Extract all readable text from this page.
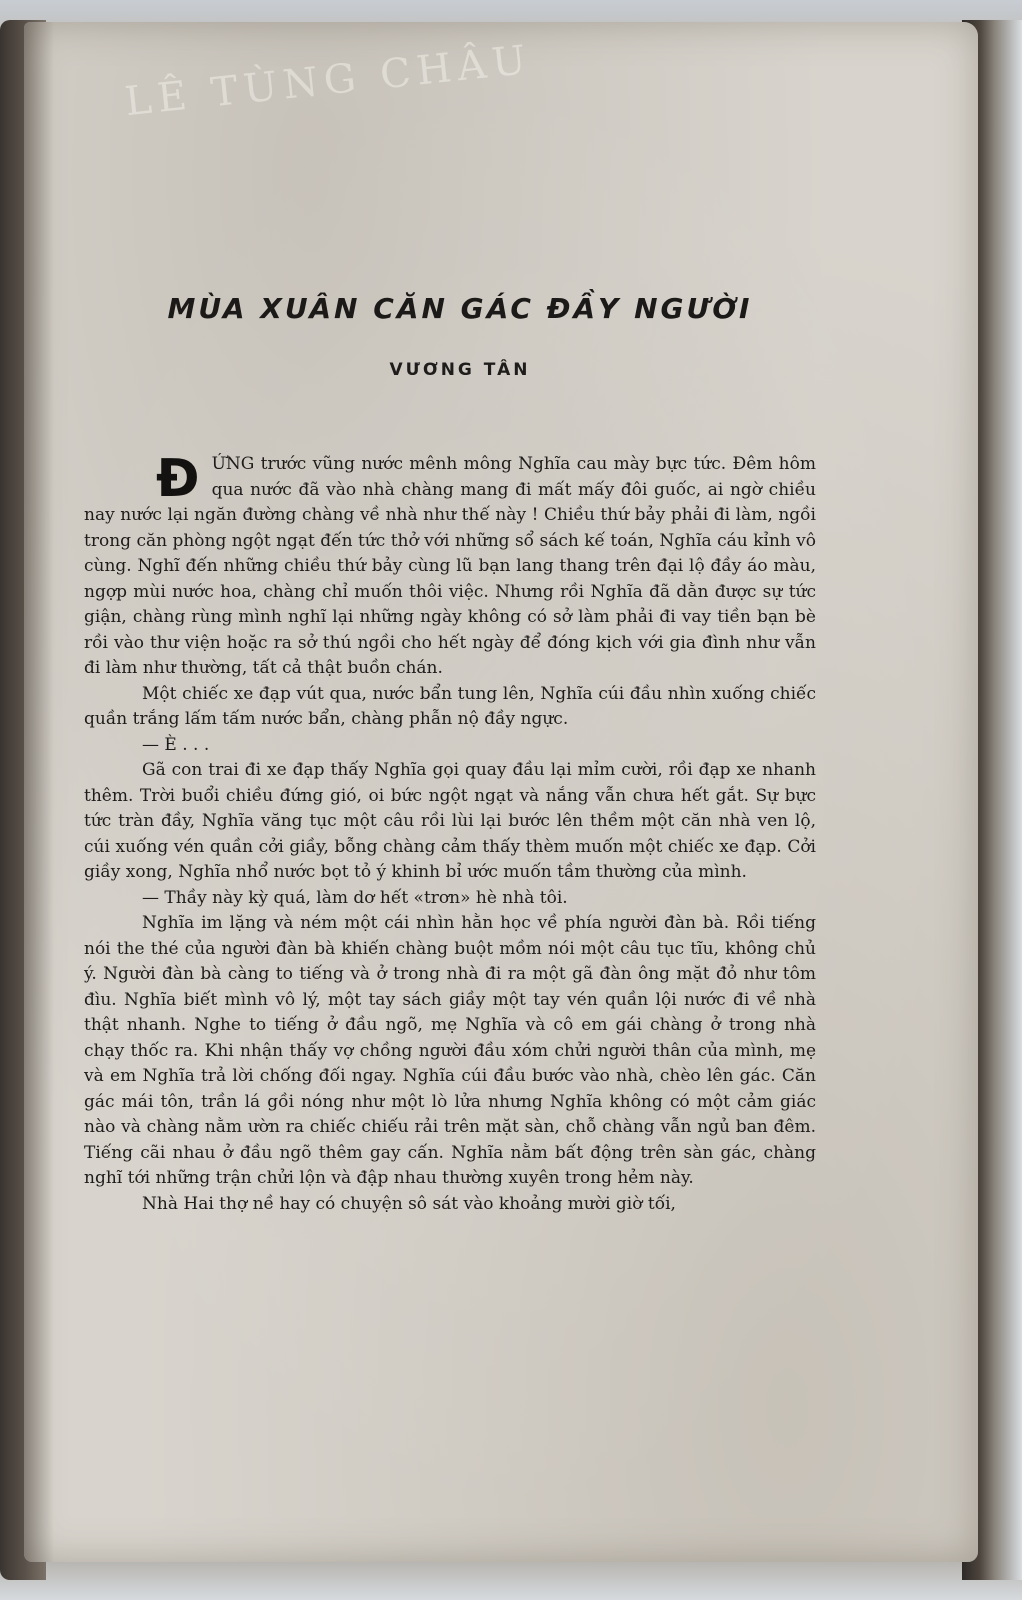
LÊ TÙNG CHÂU
MÙA XUÂN CĂN GÁC ĐẦY NGƯỜI
VƯƠNG TÂN

ĐỨNG trước vũng nước mênh mông Nghĩa cau mày bực tức. Đêm hôm qua nước đã vào nhà chàng mang đi mất mấy đôi guốc, ai ngờ chiều nay nước lại ngăn đường chàng về nhà như thế này ! Chiều thứ bảy phải đi làm, ngồi trong căn phòng ngột ngạt đến tức thở với những sổ sách kế toán, Nghĩa cáu kỉnh vô cùng. Nghĩ đến những chiều thứ bảy cùng lũ bạn lang thang trên đại lộ đầy áo màu, ngợp mùi nước hoa, chàng chỉ muốn thôi việc. Nhưng rồi Nghĩa đã dằn được sự tức giận, chàng rùng mình nghĩ lại những ngày không có sở làm phải đi vay tiền bạn bè rồi vào thư viện hoặc ra sở thú ngồi cho hết ngày để đóng kịch với gia đình như vẫn đi làm như thường, tất cả thật buồn chán.

Một chiếc xe đạp vút qua, nước bẩn tung lên, Nghĩa cúi đầu nhìn xuống chiếc quần trắng lấm tấm nước bẩn, chàng phẫn nộ đầy ngực.

— È . . .

Gã con trai đi xe đạp thấy Nghĩa gọi quay đầu lại mỉm cười, rồi đạp xe nhanh thêm. Trời buổi chiều đứng gió, oi bức ngột ngạt và nắng vẫn chưa hết gắt. Sự bực tức tràn đầy, Nghĩa văng tục một câu rồi lùi lại bước lên thềm một căn nhà ven lộ, cúi xuống vén quần cởi giầy, bỗng chàng cảm thấy thèm muốn một chiếc xe đạp. Cởi giầy xong, Nghĩa nhổ nước bọt tỏ ý khinh bỉ ước muốn tầm thường của mình.

— Thầy này kỳ quá, làm dơ hết «trơn» hè nhà tôi.

Nghĩa im lặng và ném một cái nhìn hằn học về phía người đàn bà. Rồi tiếng nói the thé của người đàn bà khiến chàng buột mồm nói một câu tục tĩu, không chủ ý. Người đàn bà càng to tiếng và ở trong nhà đi ra một gã đàn ông mặt đỏ như tôm đìu. Nghĩa biết mình vô lý, một tay sách giầy một tay vén quần lội nước đi về nhà thật nhanh. Nghe to tiếng ở đầu ngõ, mẹ Nghĩa và cô em gái chàng ở trong nhà chạy thốc ra. Khi nhận thấy vợ chồng người đầu xóm chửi người thân của mình, mẹ và em Nghĩa trả lời chống đối ngay. Nghĩa cúi đầu bước vào nhà, chèo lên gác. Căn gác mái tôn, trần lá gồi nóng như một lò lửa nhưng Nghĩa không có một cảm giác nào và chàng nằm ườn ra chiếc chiếu rải trên mặt sàn, chỗ chàng vẫn ngủ ban đêm. Tiếng cãi nhau ở đầu ngõ thêm gay cấn. Nghĩa nằm bất động trên sàn gác, chàng nghĩ tới những trận chửi lộn và đập nhau thường xuyên trong hẻm này.

Nhà Hai thợ nề hay có chuyện sô sát vào khoảng mười giờ tối,
